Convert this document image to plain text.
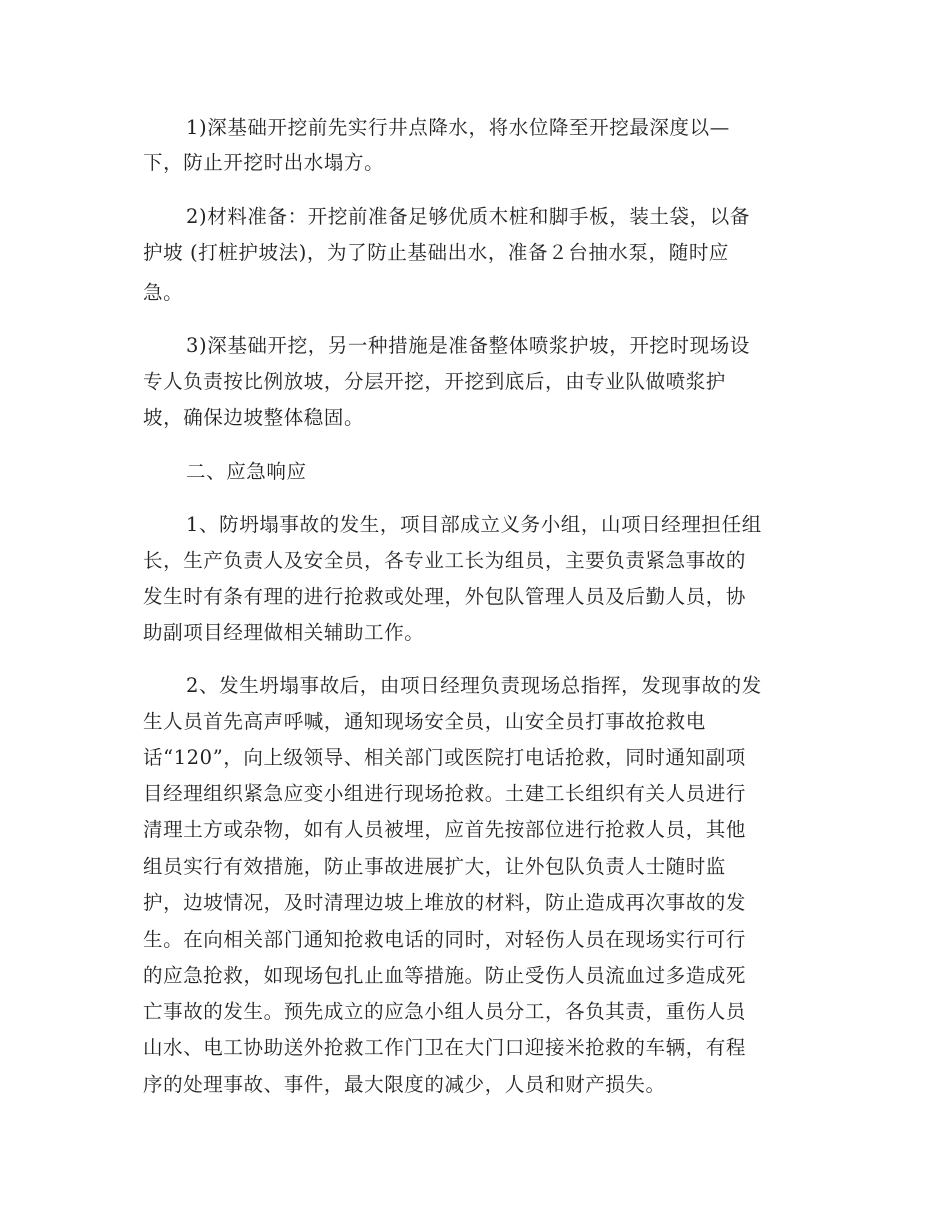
1)深基础开挖前先实行井点降水，将水位降至开挖最深度以—
下，防止开挖时出水塌方。
2)材料准备：开挖前准备足够优质木桩和脚手板，装土袋，以备
护坡 (打桩护坡法)，为了防止基础出水，准备２台抽水泵，随时应
急。
3)深基础开挖，另一种措施是准备整体喷浆护坡，开挖时现场设
专人负责按比例放坡，分层开挖，开挖到底后，由专业队做喷浆护
坡，确保边坡整体稳固。
二、应急响应
1、防坍塌事故的发生，项目部成立义务小组，山项日经理担任组
长，生产负责人及安全员，各专业工长为组员，主要负责紧急事故的
发生时有条有理的进行抢救或处理，外包队管理人员及后勤人员，协
助副项目经理做相关辅助工作。
2、发生坍塌事故后，由项日经理负责现场总指挥，发现事故的发
生人员首先高声呼喊，通知现场安全员，山安全员打事故抢救电
话“120”，向上级领导、相关部门或医院打电话抢救，同时通知副项
目经理组织紧急应变小组进行现场抢救。土建工长组织有关人员进行
清理土方或杂物，如有人员被埋，应首先按部位进行抢救人员，其他
组员实行有效措施，防止事故进展扩大，让外包队负责人士随时监
护，边坡情况，及时清理边坡上堆放的材料，防止造成再次事故的发
生。在向相关部门通知抢救电话的同时，对轻伤人员在现场实行可行
的应急抢救，如现场包扎止血等措施。防止受伤人员流血过多造成死
亡事故的发生。预先成立的应急小组人员分工，各负其责，重伤人员
山水、电工协助送外抢救工作门卫在大门口迎接米抢救的车辆，有程
序的处理事故、事件，最大限度的减少，人员和财产损失。
